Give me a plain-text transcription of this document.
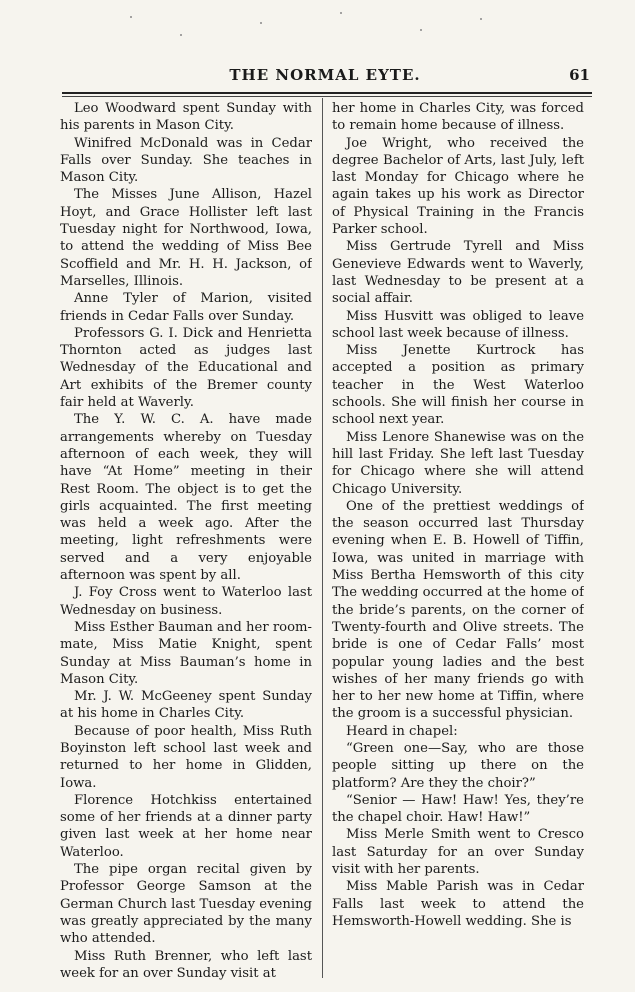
THE NORMAL EYTE.	61

Leo Woodward spent Sunday with his parents in Mason City.

Winifred McDonald was in Cedar Falls over Sunday. She teaches in Mason City.

The Misses June Allison, Hazel Hoyt, and Grace Hollister left last Tuesday night for Northwood, Iowa, to attend the wedding of Miss Bee Scoffield and Mr. H. H. Jackson, of Marselles, Illinois.

Anne Tyler of Marion, visited friends in Cedar Falls over Sunday.

Professors G. I. Dick and Henrietta Thornton acted as judges last Wednesday of the Educational and Art exhibits of the Bremer county fair held at Waverly.

The Y. W. C. A. have made arrangements whereby on Tuesday afternoon of each week, they will have “At Home” meeting in their Rest Room. The object is to get the girls acquainted. The first meeting was held a week ago. After the meeting, light refreshments were served and a very enjoyable afternoon was spent by all.

J. Foy Cross went to Waterloo last Wednesday on business.

Miss Esther Bauman and her room-mate, Miss Matie Knight, spent Sunday at Miss Bauman’s home in Mason City.

Mr. J. W. McGeeney spent Sunday at his home in Charles City.

Because of poor health, Miss Ruth Boyinston left school last week and returned to her home in Glidden, Iowa.

Florence Hotchkiss entertained some of her friends at a dinner party given last week at her home near Waterloo.

The pipe organ recital given by Professor George Samson at the German Church last Tuesday evening was greatly appreciated by the many who attended.

Miss Ruth Brenner, who left last week for an over Sunday visit at

her home in Charles City, was forced to remain home because of illness.

Joe Wright, who received the degree Bachelor of Arts, last July, left last Monday for Chicago where he again takes up his work as Director of Physical Training in the Francis Parker school.

Miss Gertrude Tyrell and Miss Genevieve Edwards went to Waverly, last Wednesday to be present at a social affair.

Miss Husvitt was obliged to leave school last week because of illness.

Miss Jenette Kurtrock has accepted a position as primary teacher in the West Waterloo schools. She will finish her course in school next year.

Miss Lenore Shanewise was on the hill last Friday. She left last Tuesday for Chicago where she will attend Chicago University.

One of the prettiest weddings of the season occurred last Thursday evening when E. B. Howell of Tiffin, Iowa, was united in marriage with Miss Bertha Hemsworth of this city The wedding occurred at the home of the bride’s parents, on the corner of Twenty-fourth and Olive streets. The bride is one of Cedar Falls’ most popular young ladies and the best wishes of her many friends go with her to her new home at Tiffin, where the groom is a successful physician.

Heard in chapel:

“Green one—Say, who are those people sitting up there on the platform? Are they the choir?”

“Senior — Haw! Haw! Yes, they’re the chapel choir. Haw! Haw!”

Miss Merle Smith went to Cresco last Saturday for an over Sunday visit with her parents.

Miss Mable Parish was in Cedar Falls last week to attend the Hemsworth-Howell wedding. She is
